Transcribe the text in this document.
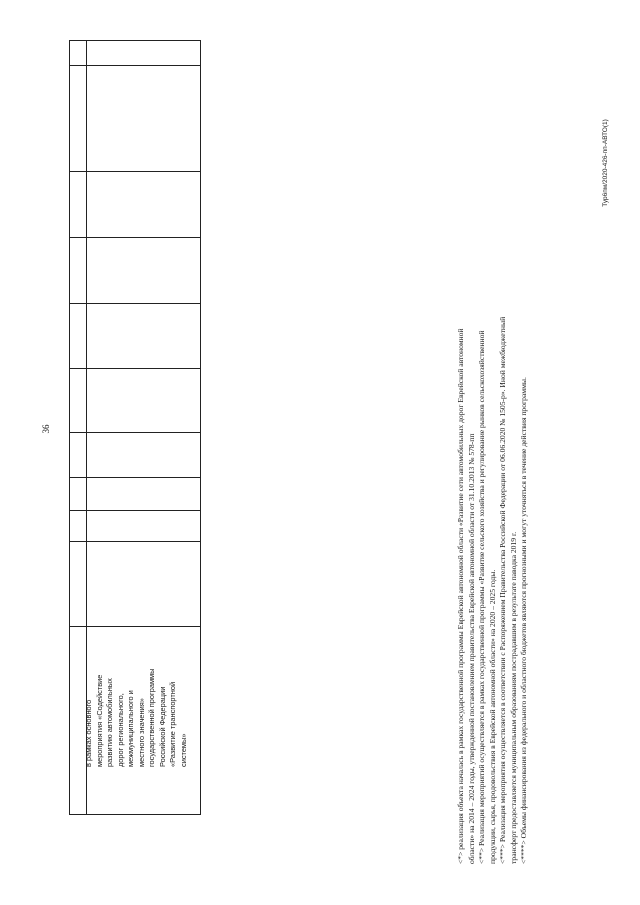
36
в рамках основного мероприятия «Содействие развитию автомобильных дорог регионального, межмуниципального и местного значения» государственной программы Российской Федерации «Развитие транспортной системы»	<*> реализация объекта началась в рамках государственной программы Еврейской автономной области «Развитие сети автомобильных дорог Еврейской автономной области» на 2014 – 2024 годы, утвержденной постановлением правительства Еврейской автономной области от 31.10.2013 № 578-пп <**> Реализация мероприятий осуществляется в рамках государственной программы «Развитие сельского хозяйства и регулирование рынков сельскохозяйственной продукции, сырья, продовольствия в Еврейской автономной области» на 2020 – 2025 годы. <***> Реализация мероприятия осуществляется в соответствии с Распоряжением Правительства Российской Федерации от 06.06.2020 № 1505-р». Иной межбюджетный трансферт предоставляется муниципальным образованиям пострадавшим в результате паводка 2019 г. <****> Объемы финансирования из федерального и областного бюджетов являются прогнозными и могут уточняться в течение действия программы.
Тур6пм/2020-426-пп-АВТО(1)
